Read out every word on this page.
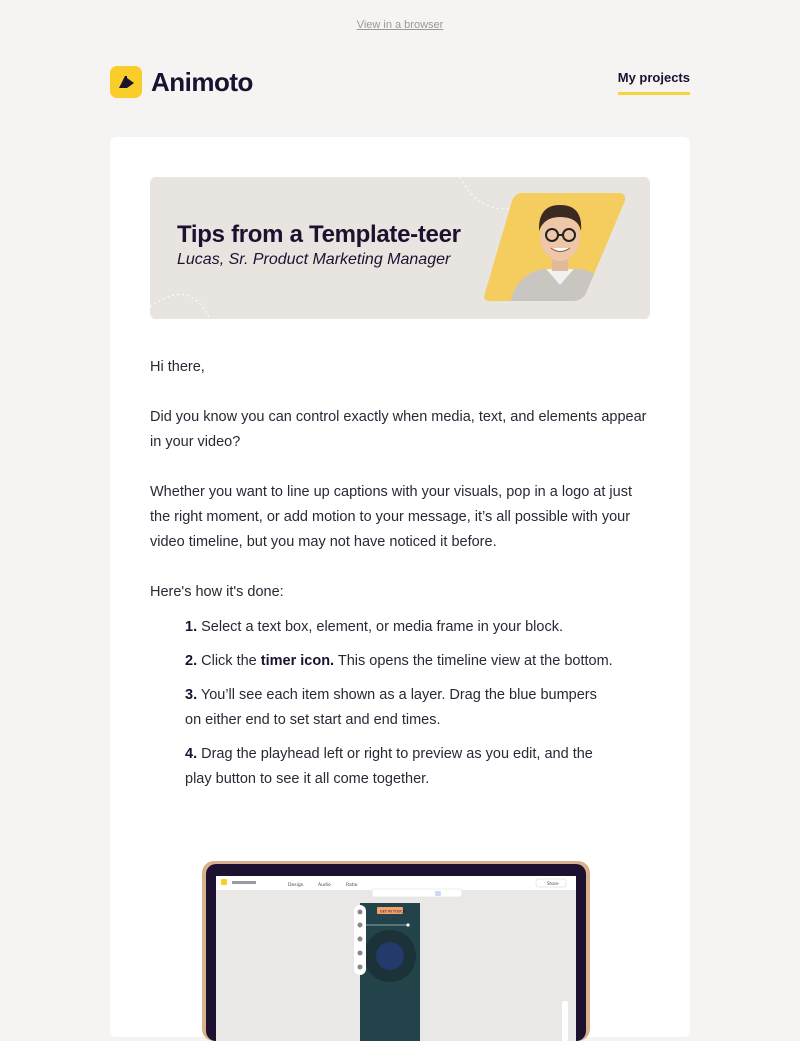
View in a browser
Animoto	My projects
Tips from a Template-teer
Lucas, Sr. Product Marketing Manager

Hi there,

Did you know you can control exactly when media, text, and elements appear in your video?

Whether you want to line up captions with your visuals, pop in a logo at just the right moment, or add motion to your message, it’s all possible with your video timeline, but you may not have noticed it before.

Here's how it's done:

1. Select a text box, element, or media frame in your block.
2. Click the timer icon. This opens the timeline view at the bottom.
3. You’ll see each item shown as a layer. Drag the blue bumpers on either end to set start and end times.
4. Drag the playhead left or right to preview as you edit, and the play button to see it all come together.
Design	Audio	Ratio	Share
GET IN TOUCH
